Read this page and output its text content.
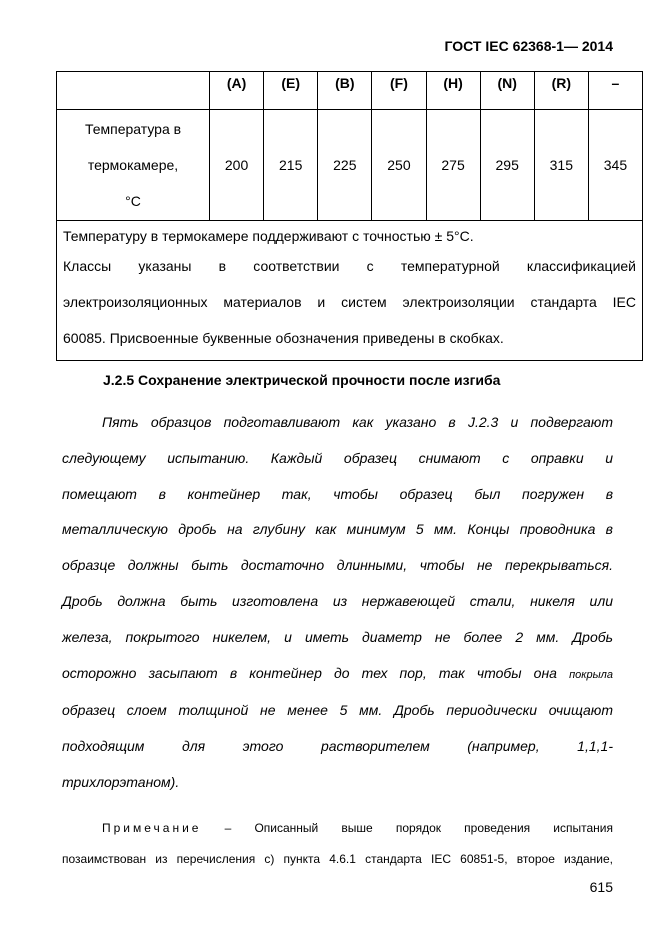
ГОСТ IEC 62368-1— 2014
	(A)	(E)	(B)	(F)	(H)	(N)	(R)	–

Температура в
термокамере,
°С	200	215	225	250	275	295	315	345

Температуру в термокамере поддерживают с точностью ± 5°С.

Классы указаны в соответствии с температурной классификацией

электроизоляционных материалов и систем электроизоляции стандарта IEC

60085. Присвоенные буквенные обозначения приведены в скобках.								

J.2.5 Сохранение электрической прочности после изгиба
Пять образцов подготавливают как указано в J.2.3 и подвергают
следующему испытанию. Каждый образец снимают с оправки и
помещают в контейнер так, чтобы образец был погружен в
металлическую дробь на глубину как минимум 5 мм. Концы проводника в
образце должны быть достаточно длинными, чтобы не перекрываться.
Дробь должна быть изготовлена из нержавеющей стали, никеля или
железа, покрытого никелем, и иметь диаметр не более 2 мм. Дробь
осторожно засыпают в контейнер до тех пор, так чтобы она покрыла
образец слоем толщиной не менее 5 мм. Дробь периодически очищают
подходящим для этого растворителем (например, 1,1,1-
трихлорэтаном).
Примечание – Описанный выше порядок проведения испытания
позаимствован из перечисления c) пункта 4.6.1 стандарта IEC 60851-5, второе издание,
615
